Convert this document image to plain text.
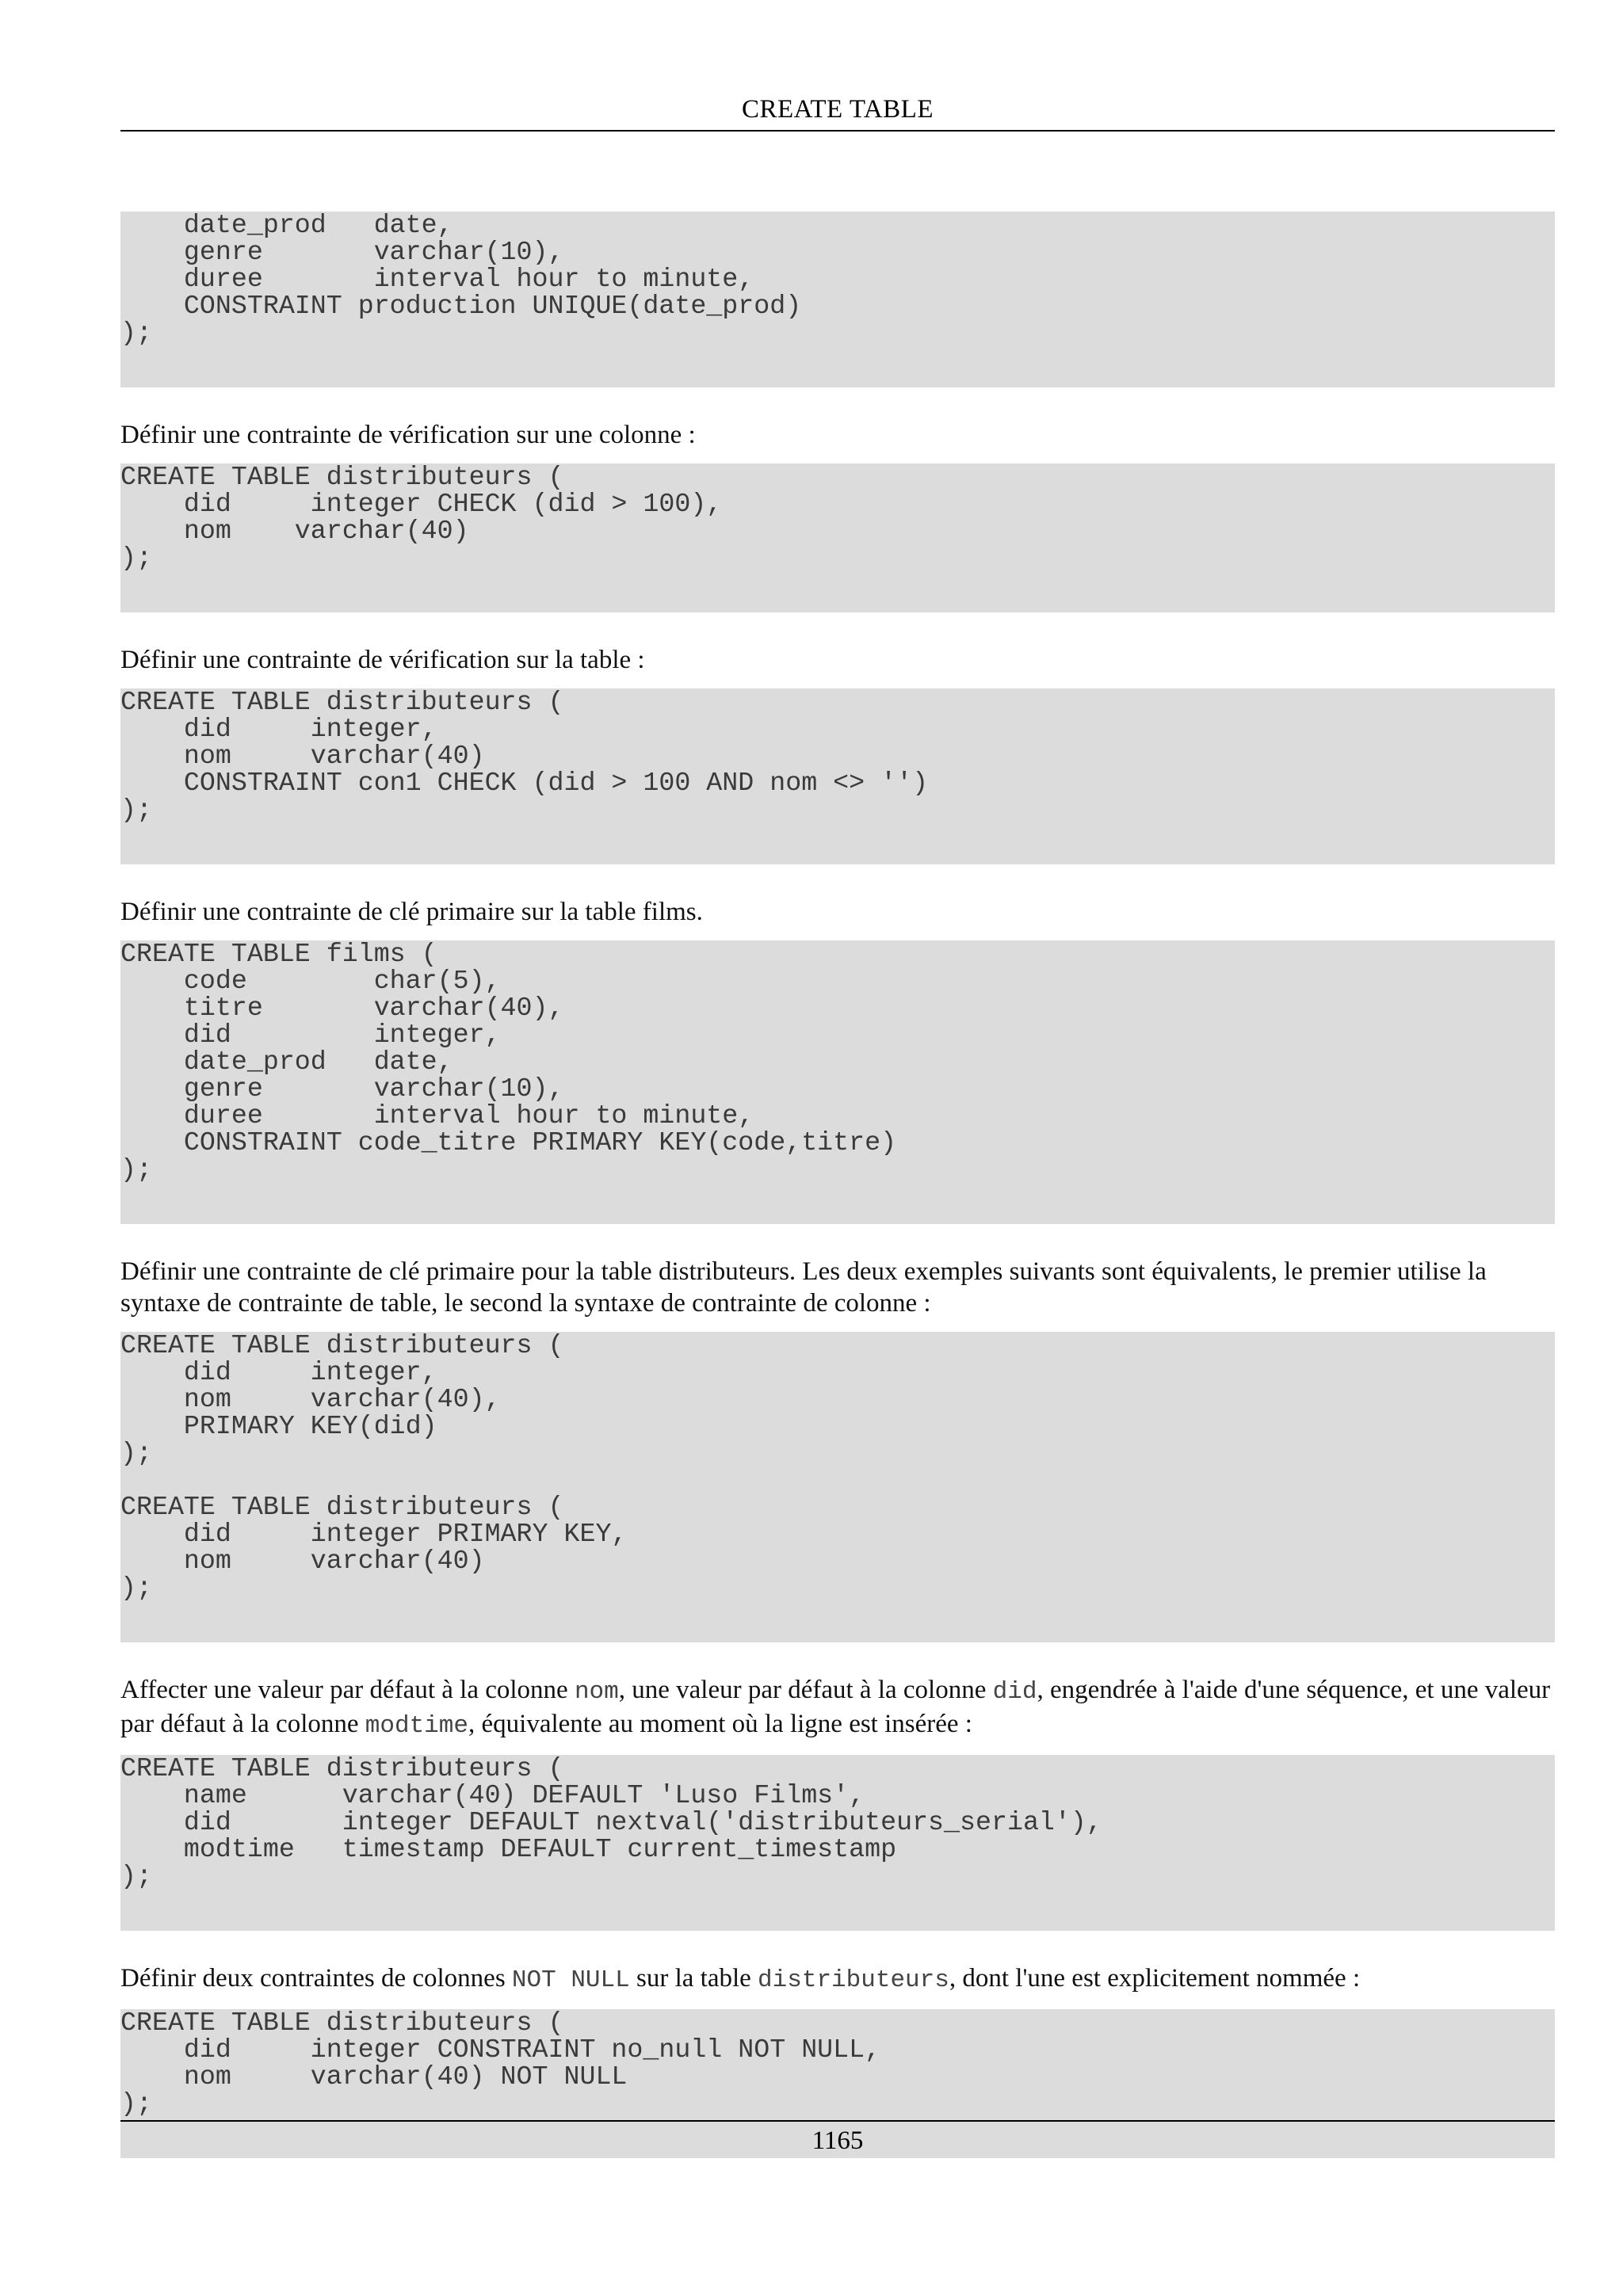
CREATE TABLE
date_prod   date,
genre       varchar(10),
duree       interval hour to minute,
CONSTRAINT production UNIQUE(date_prod)
);

Définir une contrainte de vérification sur une colonne :

CREATE TABLE distributeurs (
did     integer CHECK (did > 100),
nom    varchar(40)
);

Définir une contrainte de vérification sur la table :

CREATE TABLE distributeurs (
did     integer,
nom     varchar(40)
CONSTRAINT con1 CHECK (did > 100 AND nom <> '')
);

Définir une contrainte de clé primaire sur la table films.

CREATE TABLE films (
code        char(5),
titre       varchar(40),
did         integer,
date_prod   date,
genre       varchar(10),
duree       interval hour to minute,
CONSTRAINT code_titre PRIMARY KEY(code,titre)
);

Définir une contrainte de clé primaire pour la table distributeurs. Les deux exemples suivants sont équivalents, le premier utilise la syntaxe de contrainte de table, le second la syntaxe de contrainte de colonne :

CREATE TABLE distributeurs (
did     integer,
nom     varchar(40),
PRIMARY KEY(did)
);

CREATE TABLE distributeurs (
did     integer PRIMARY KEY,
nom     varchar(40)
);

Affecter une valeur par défaut à la colonne nom, une valeur par défaut à la colonne did, engendrée à l'aide d'une séquence, et une valeur par défaut à la colonne modtime, équivalente au moment où la ligne est insérée :

CREATE TABLE distributeurs (
name      varchar(40) DEFAULT 'Luso Films',
did       integer DEFAULT nextval('distributeurs_serial'),
modtime   timestamp DEFAULT current_timestamp
);

Définir deux contraintes de colonnes NOT NULL sur la table distributeurs, dont l'une est explicitement nommée :

CREATE TABLE distributeurs (
did     integer CONSTRAINT no_null NOT NULL,
nom     varchar(40) NOT NULL
);
1165
